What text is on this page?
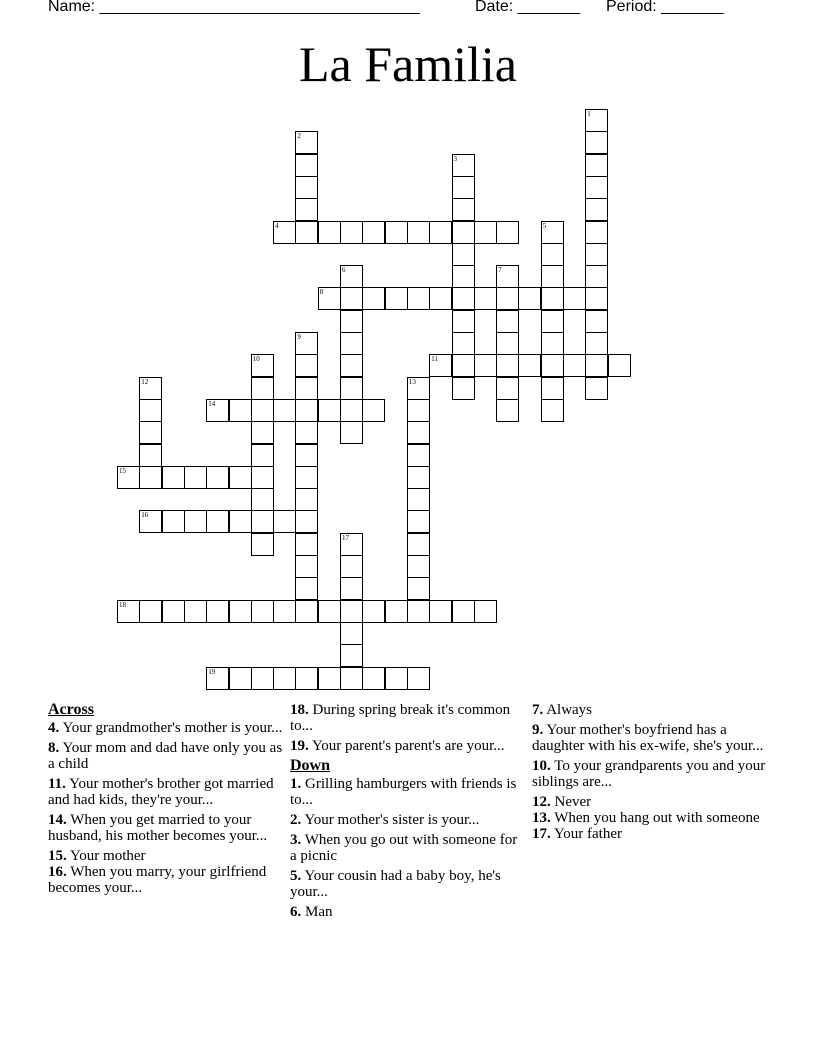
Name: ____________________________________	Date: _______ Period: _______
La Familia
1
2
3
4	5
6	7
8
9
10	11
12	13
14
15
16
17
18
19
Across
4. Your grandmother's mother is your...
8. Your mom and dad have only you as a child
11. Your mother's brother got married and had kids, they're your...
14. When you get married to your husband, his mother becomes your...
15. Your mother
16. When you marry, your girlfriend becomes your...
18. During spring break it's common to...
19. Your parent's parent's are your...
Down
1. Grilling hamburgers with friends is to...
2. Your mother's sister is your...
3. When you go out with someone for a picnic
5. Your cousin had a baby boy, he's your...
6. Man
7. Always
9. Your mother's boyfriend has a daughter with his ex-wife, she's your...
10. To your grandparents you and your siblings are...
12. Never
13. When you hang out with someone
17. Your father
